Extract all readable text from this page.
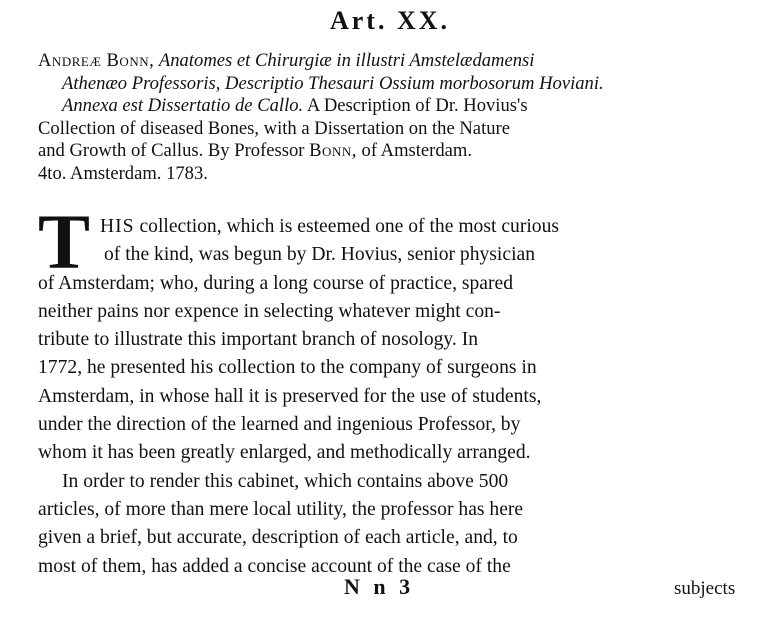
Art. XX.
Andreæ Bonn, Anatomes et Chirurgiæ in illustri Amstelædamensi
Athenæo Professoris, Descriptio Thesauri Ossium morbosorum Hoviani.
Annexa est Dissertatio de Callo. A Description of Dr. Hovius's
Collection of diseased Bones, with a Dissertation on the Nature
and Growth of Callus. By Professor Bonn, of Amsterdam.
4to. Amsterdam. 1783.
T HIS collection, which is esteemed one of the most curious
of the kind, was begun by Dr. Hovius, senior physician
of Amsterdam; who, during a long course of practice, spared
neither pains nor expence in selecting whatever might con-
tribute to illustrate this important branch of nosology. In
1772, he presented his collection to the company of surgeons in
Amsterdam, in whose hall it is preserved for the use of students,
under the direction of the learned and ingenious Professor, by
whom it has been greatly enlarged, and methodically arranged.
In order to render this cabinet, which contains above 500
articles, of more than mere local utility, the professor has here
given a brief, but accurate, description of each article, and, to
most of them, has added a concise account of the case of the
N n 3	subjects
